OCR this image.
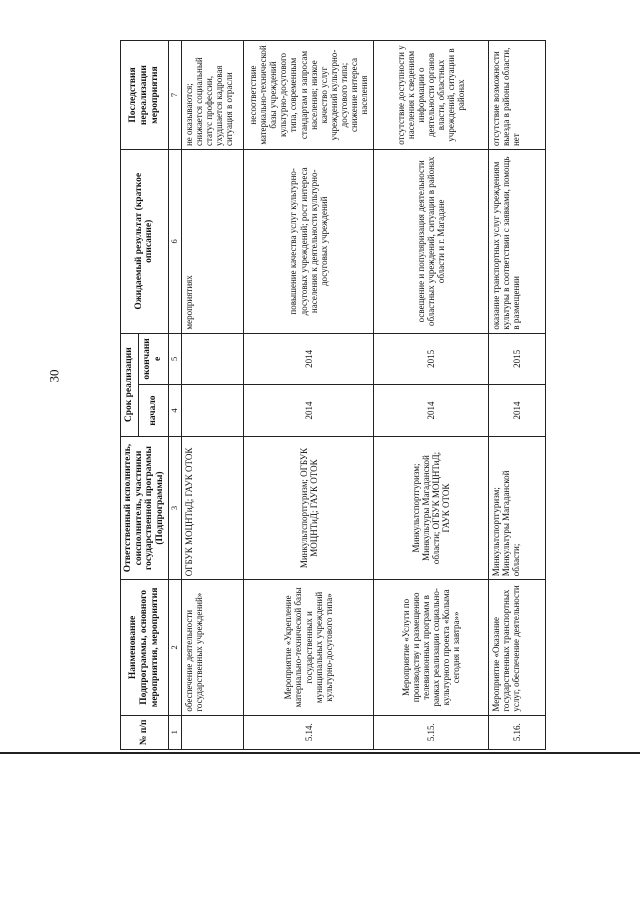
30
№ п/п	Наименование Подпрограммы, основного мероприятия, мероприятия	Ответственный исполнитель, соисполнитель, участники государственной программы (Подпрограммы)	Срок реализации		Ожидаемый результат (краткое описание)	Последствия нереализации мероприятия
			начало	окончание		
1	2	3	4	5	6	7
	обеспечение деятельности государственных учреждений»	ОГБУК МОЦНТиД; ГАУК ОТОК			мероприятиях	не оказываются; снижается социальный статус профессии, ухудшается кадровая ситуация в отрасли
5.14.	Мероприятие «Укрепление материально-технической базы государственных и муниципальных учреждений культурно-досугового типа»	Минкультспортгуризм; ОГБУК МОЦНТиД; ГАУК ОТОК	2014	2014	повышение качества услуг культурно-досуговых учреждений; рост интереса населения к деятельности культурно-досуговых учреждений	несоответствие материально-технической базы учреждений культурно-досугового типа, современным стандартам и запросам населения; низкое качество услуг учреждений культурно-досугового типа; снижение интереса населения
5.15.	Мероприятие «Услуги по производству и размещению телевизионных программ в рамках реализации социально-культурного проекта «Колыма сегодня и завтра»»	Минкультспортгуризм; Минкультуры Магаданской области; ОГБУК МОЦНТиД; ГАУК ОТОК	2014	2015	освещение и популяризация деятельности областных учреждений, ситуации в районах области и г. Магадане	отсутствие доступности у населения к сведениям информации о деятельности органов власти, областных учреждений, ситуации в районах
5.16.	Мероприятие «Оказание государственных транспортных услуг, обеспечение деятельности	Минкультспортгуризм; Минкультуры Магаданской области;	2014	2015	оказание транспортных услуг учреждениям культуры в соответствии с заявками, помощь в размещении	отсутствие возможности выезда в районы области, нет
